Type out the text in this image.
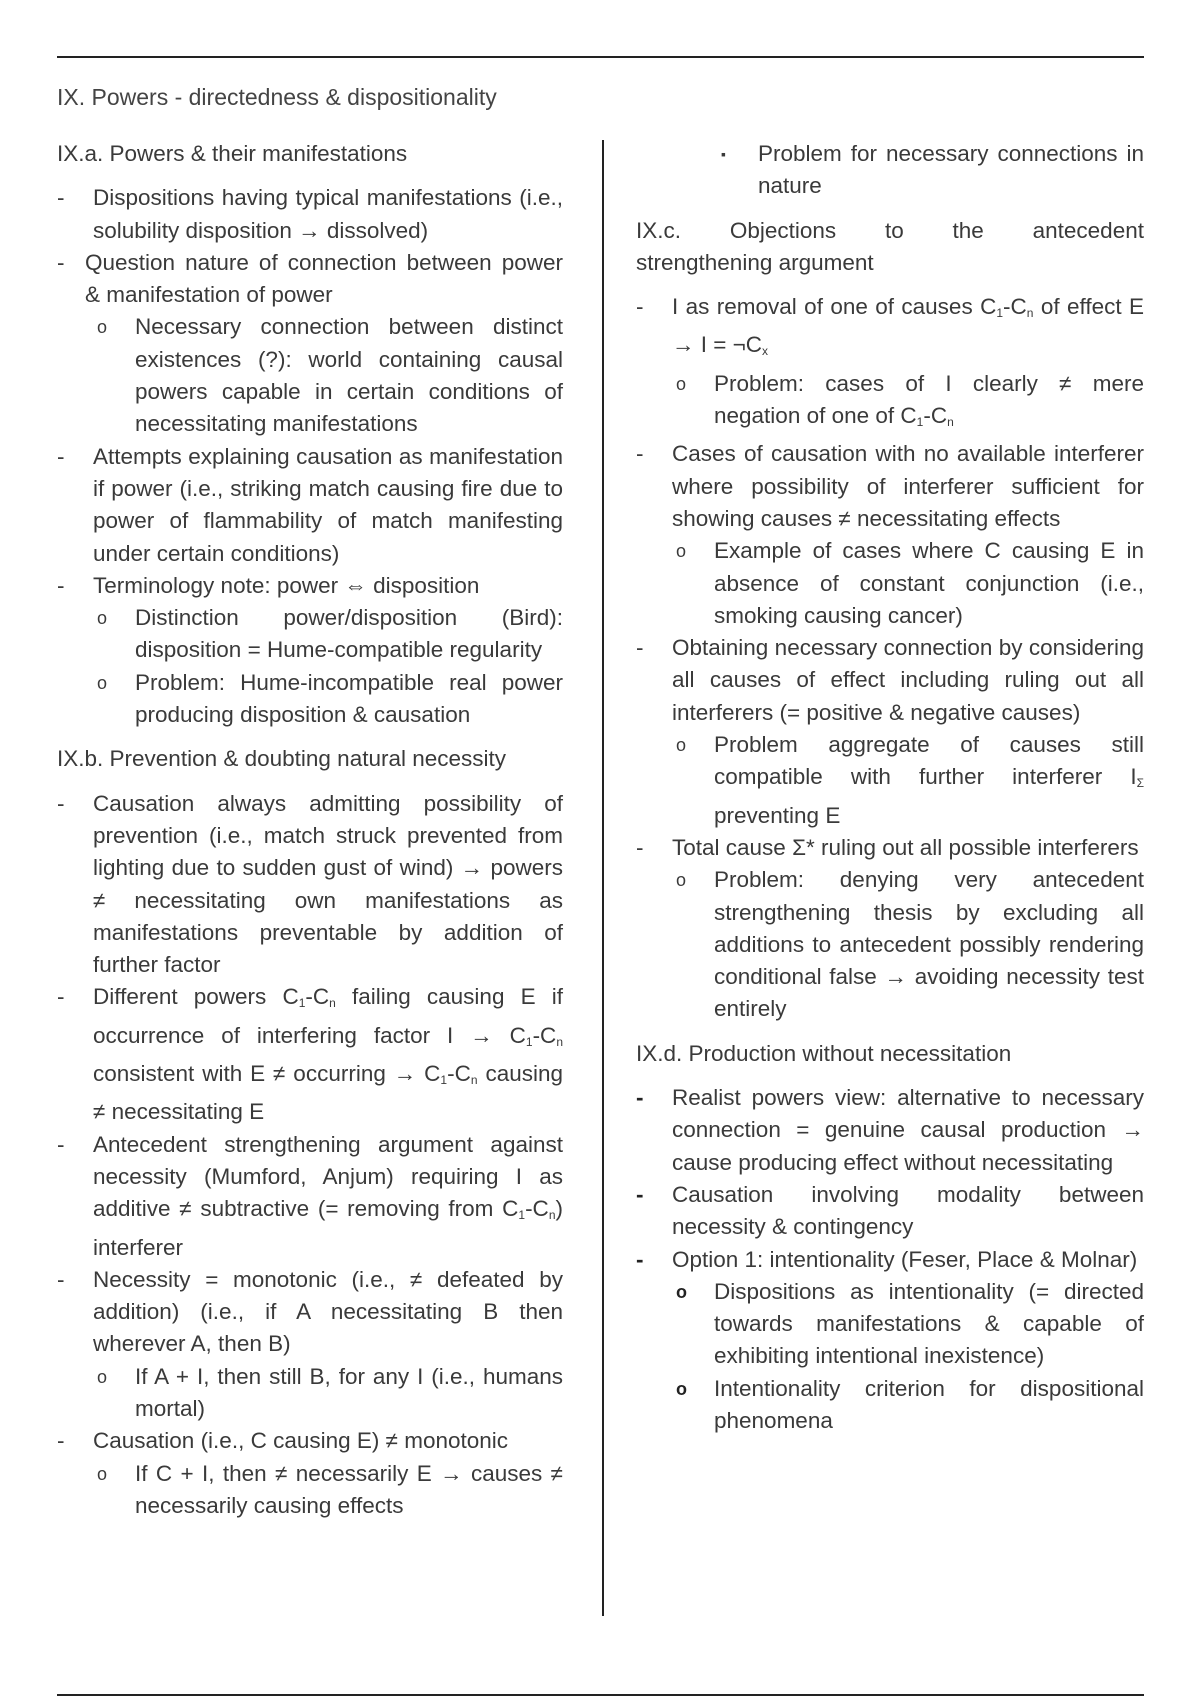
IX. Powers - directedness & dispositionality
IX.a. Powers & their manifestations
- Dispositions having typical manifestations (i.e., solubility disposition → dissolved)
- Question nature of connection between power & manifestation of power
o Necessary connection between distinct existences (?): world containing causal powers capable in certain conditions of necessitating manifestations
- Attempts explaining causation as manifestation if power (i.e., striking match causing fire due to power of flammability of match manifesting under certain conditions)
- Terminology note: power ⇔ disposition
o Distinction power/disposition (Bird): disposition = Hume-compatible regularity
o Problem: Hume-incompatible real power producing disposition & causation
IX.b. Prevention & doubting natural necessity
- Causation always admitting possibility of prevention (i.e., match struck prevented from lighting due to sudden gust of wind) → powers ≠ necessitating own manifestations as manifestations preventable by addition of further factor
- Different powers $C_1-C_n$ failing causing E if occurrence of interfering factor $I \to C_1-C_n$ consistent with E ≠ occurring → $C_1-C_n$ causing ≠ necessitating E
- Antecedent strengthening argument against necessity (Mumford, Anjum) requiring I as additive ≠ subtractive (= removing from $C_1-C_n$) interferer
- Necessity = monotonic (i.e., ≠ defeated by addition) (i.e., if A necessitating B then wherever A, then B)
o If A + I, then still B, for any I (i.e., humans mortal)
- Causation (i.e., C causing E) ≠ monotonic
o If C + I, then ≠ necessarily E → causes ≠ necessarily causing effects
▪ Problem for necessary connections in nature
IX.c. Objections to the antecedent
strengthening argument
- I as removal of one of causes $C_1-C_n$ of effect $E \to I = \neg C_x$
o Problem: cases of I clearly ≠ mere negation of one of $C_1-C_n$
- Cases of causation with no available interferer where possibility of interferer sufficient for showing causes ≠ necessitating effects
o Example of cases where C causing E in absence of constant conjunction (i.e., smoking causing cancer)
- Obtaining necessary connection by considering all causes of effect including ruling out all interferers (= positive & negative causes)
o Problem aggregate of causes still compatible with further interferer $I_\Sigma$ preventing E
- Total cause Σ* ruling out all possible interferers
o Problem: denying very antecedent strengthening thesis by excluding all additions to antecedent possibly rendering conditional false → avoiding necessity test entirely
IX.d. Production without necessitation
- Realist powers view: alternative to necessary connection = genuine causal production → cause producing effect without necessitating
- Causation involving modality between necessity & contingency
- Option 1: intentionality (Feser, Place & Molnar)
o Dispositions as intentionality (= directed towards manifestations & capable of exhibiting intentional inexistence)
o Intentionality criterion for dispositional phenomena
